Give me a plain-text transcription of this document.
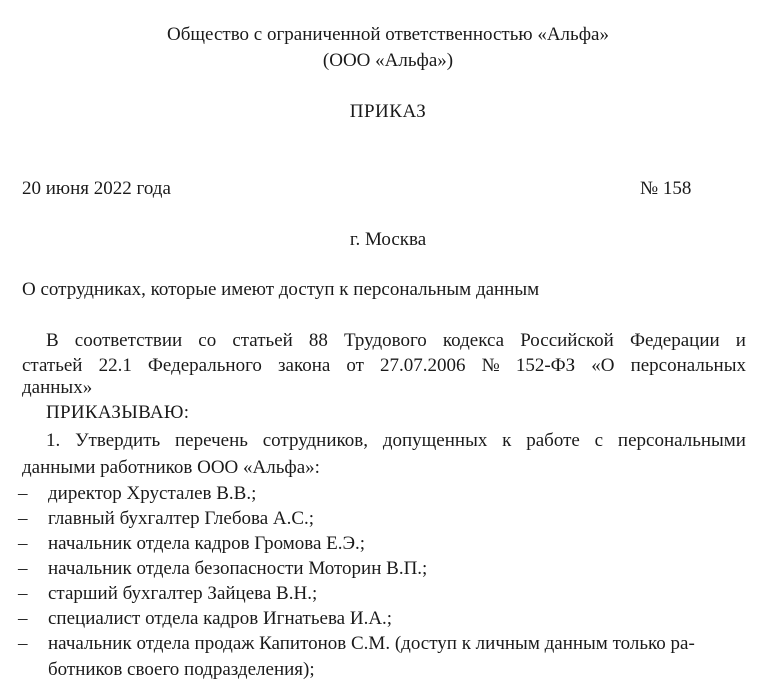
Общество с ограниченной ответственностью «Альфа»
(ООО «Альфа»)
ПРИКАЗ
20 июня 2022 года	№ 158
г. Москва
О сотрудниках, которые имеют доступ к персональным данным
В соответствии со статьей 88 Трудового кодекса Российской Федерации и
статьей 22.1 Федерального закона от 27.07.2006 № 152-ФЗ «О персональных
данных»
ПРИКАЗЫВАЮ:
1. Утвердить перечень сотрудников, допущенных к работе с персональными
данными работников ООО «Альфа»:
– директор Хрусталев В.В.;
– главный бухгалтер Глебова А.С.;
– начальник отдела кадров Громова Е.Э.;
– начальник отдела безопасности Моторин В.П.;
– старший бухгалтер Зайцева В.Н.;
– специалист отдела кадров Игнатьева И.А.;
– начальник отдела продаж Капитонов С.М. (доступ к личным данным только ра-
ботников своего подразделения);
